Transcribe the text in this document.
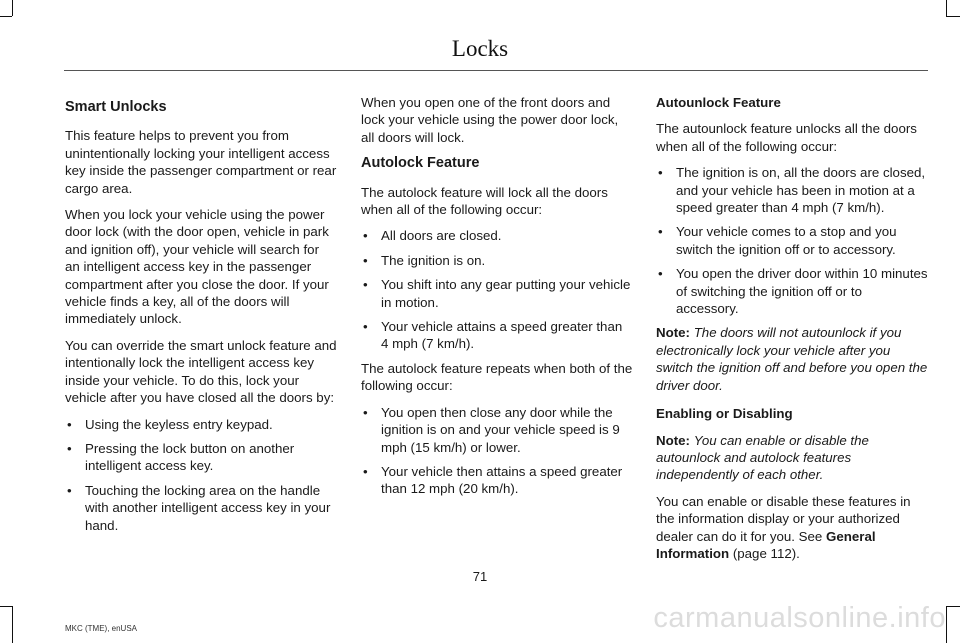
Locks

Smart Unlocks

This feature helps to prevent you from unintentionally locking your intelligent access key inside the passenger compartment or rear cargo area.

When you lock your vehicle using the power door lock (with the door open, vehicle in park and ignition off), your vehicle will search for an intelligent access key in the passenger compartment after you close the door. If your vehicle finds a key, all of the doors will immediately unlock.

You can override the smart unlock feature and intentionally lock the intelligent access key inside your vehicle. To do this, lock your vehicle after you have closed all the doors by:

• Using the keyless entry keypad.
• Pressing the lock button on another intelligent access key.
• Touching the locking area on the handle with another intelligent access key in your hand.

When you open one of the front doors and lock your vehicle using the power door lock, all doors will lock.

Autolock Feature

The autolock feature will lock all the doors when all of the following occur:

• All doors are closed.
• The ignition is on.
• You shift into any gear putting your vehicle in motion.
• Your vehicle attains a speed greater than 4 mph (7 km/h).

The autolock feature repeats when both of the following occur:

• You open then close any door while the ignition is on and your vehicle speed is 9 mph (15 km/h) or lower.
• Your vehicle then attains a speed greater than 12 mph (20 km/h).

Autounlock Feature

The autounlock feature unlocks all the doors when all of the following occur:

• The ignition is on, all the doors are closed, and your vehicle has been in motion at a speed greater than 4 mph (7 km/h).
• Your vehicle comes to a stop and you switch the ignition off or to accessory.
• You open the driver door within 10 minutes of switching the ignition off or to accessory.

Note: The doors will not autounlock if you electronically lock your vehicle after you switch the ignition off and before you open the driver door.

Enabling or Disabling

Note: You can enable or disable the autounlock and autolock features independently of each other.

You can enable or disable these features in the information display or your authorized dealer can do it for you. See General Information (page 112).

71
MKC (TME), enUSA	carmanualsonline.info
